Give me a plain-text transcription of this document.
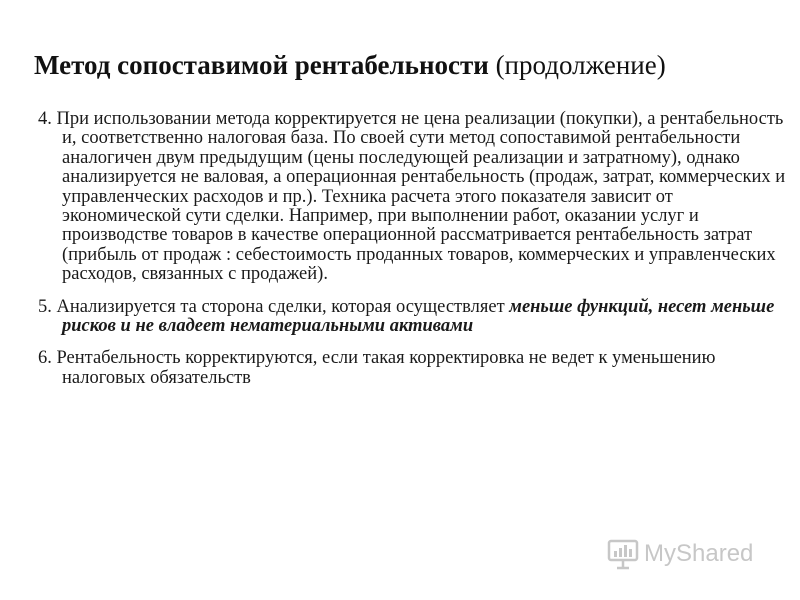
Метод сопоставимой рентабельности (продолжение)

4. При использовании метода корректируется не цена реализации (покупки), а рентабельность и, соответственно налоговая база. По своей сути метод сопоставимой рентабельности аналогичен двум предыдущим (цены последующей реализации и затратному), однако анализируется не валовая, а операционная рентабельность (продаж, затрат, коммерческих и управленческих расходов и пр.). Техника расчета этого показателя зависит от экономической сути сделки. Например, при выполнении работ, оказании услуг и производстве товаров в качестве операционной рассматривается рентабельность затрат (прибыль от продаж : себестоимость проданных товаров, коммерческих и управленческих расходов, связанных с продажей).

5. Анализируется та сторона сделки, которая осуществляет меньше функций, несет меньше рисков и не владеет нематериальными активами

6. Рентабельность корректируются, если такая корректировка не ведет к уменьшению налоговых обязательств

MyShared
